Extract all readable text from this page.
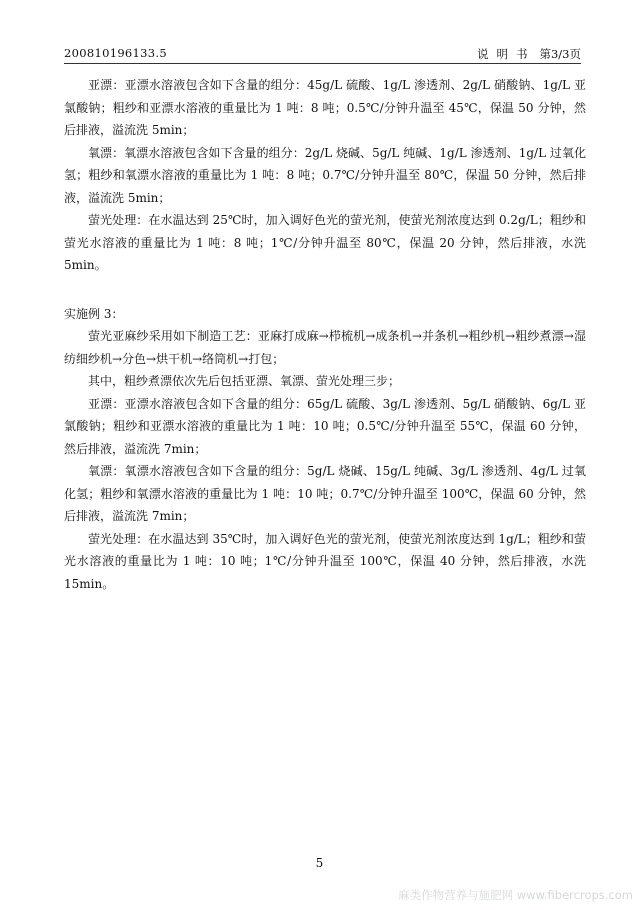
200810196133.5	说明书 第3/3页

亚漂：亚漂水溶液包含如下含量的组分：45g/L 硫酸、1g/L 渗透剂、2g/L 硝酸钠、1g/L 亚氯酸钠；粗纱和亚漂水溶液的重量比为 1 吨：8 吨；0.5℃/分钟升温至 45℃，保温 50 分钟，然后排液，溢流洗 5min；

氧漂：氧漂水溶液包含如下含量的组分：2g/L 烧碱、5g/L 纯碱、1g/L 渗透剂、1g/L 过氧化氢；粗纱和氧漂水溶液的重量比为 1 吨：8 吨；0.7℃/分钟升温至 80℃，保温 50 分钟，然后排液，溢流洗 5min；

萤光处理：在水温达到 25℃时，加入调好色光的萤光剂，使萤光剂浓度达到 0.2g/L；粗纱和萤光水溶液的重量比为 1 吨：8 吨；1℃/分钟升温至 80℃，保温 20 分钟，然后排液，水洗 5min。

实施例 3：

萤光亚麻纱采用如下制造工艺：亚麻打成麻→栉梳机→成条机→并条机→粗纱机→粗纱煮漂→湿纺细纱机→分色→烘干机→络筒机→打包；

其中，粗纱煮漂依次先后包括亚漂、氧漂、萤光处理三步；

亚漂：亚漂水溶液包含如下含量的组分：65g/L 硫酸、3g/L 渗透剂、5g/L 硝酸钠、6g/L 亚氯酸钠；粗纱和亚漂水溶液的重量比为 1 吨：10 吨；0.5℃/分钟升温至 55℃，保温 60 分钟，然后排液，溢流洗 7min；

氧漂：氧漂水溶液包含如下含量的组分：5g/L 烧碱、15g/L 纯碱、3g/L 渗透剂、4g/L 过氧化氢；粗纱和氧漂水溶液的重量比为 1 吨：10 吨；0.7℃/分钟升温至 100℃，保温 60 分钟，然后排液，溢流洗 7min；

萤光处理：在水温达到 35℃时，加入调好色光的萤光剂，使萤光剂浓度达到 1g/L；粗纱和萤光水溶液的重量比为 1 吨：10 吨；1℃/分钟升温至 100℃，保温 40 分钟，然后排液，水洗 15min。

5
麻类作物营养与施肥网 www.fibercrops.com
